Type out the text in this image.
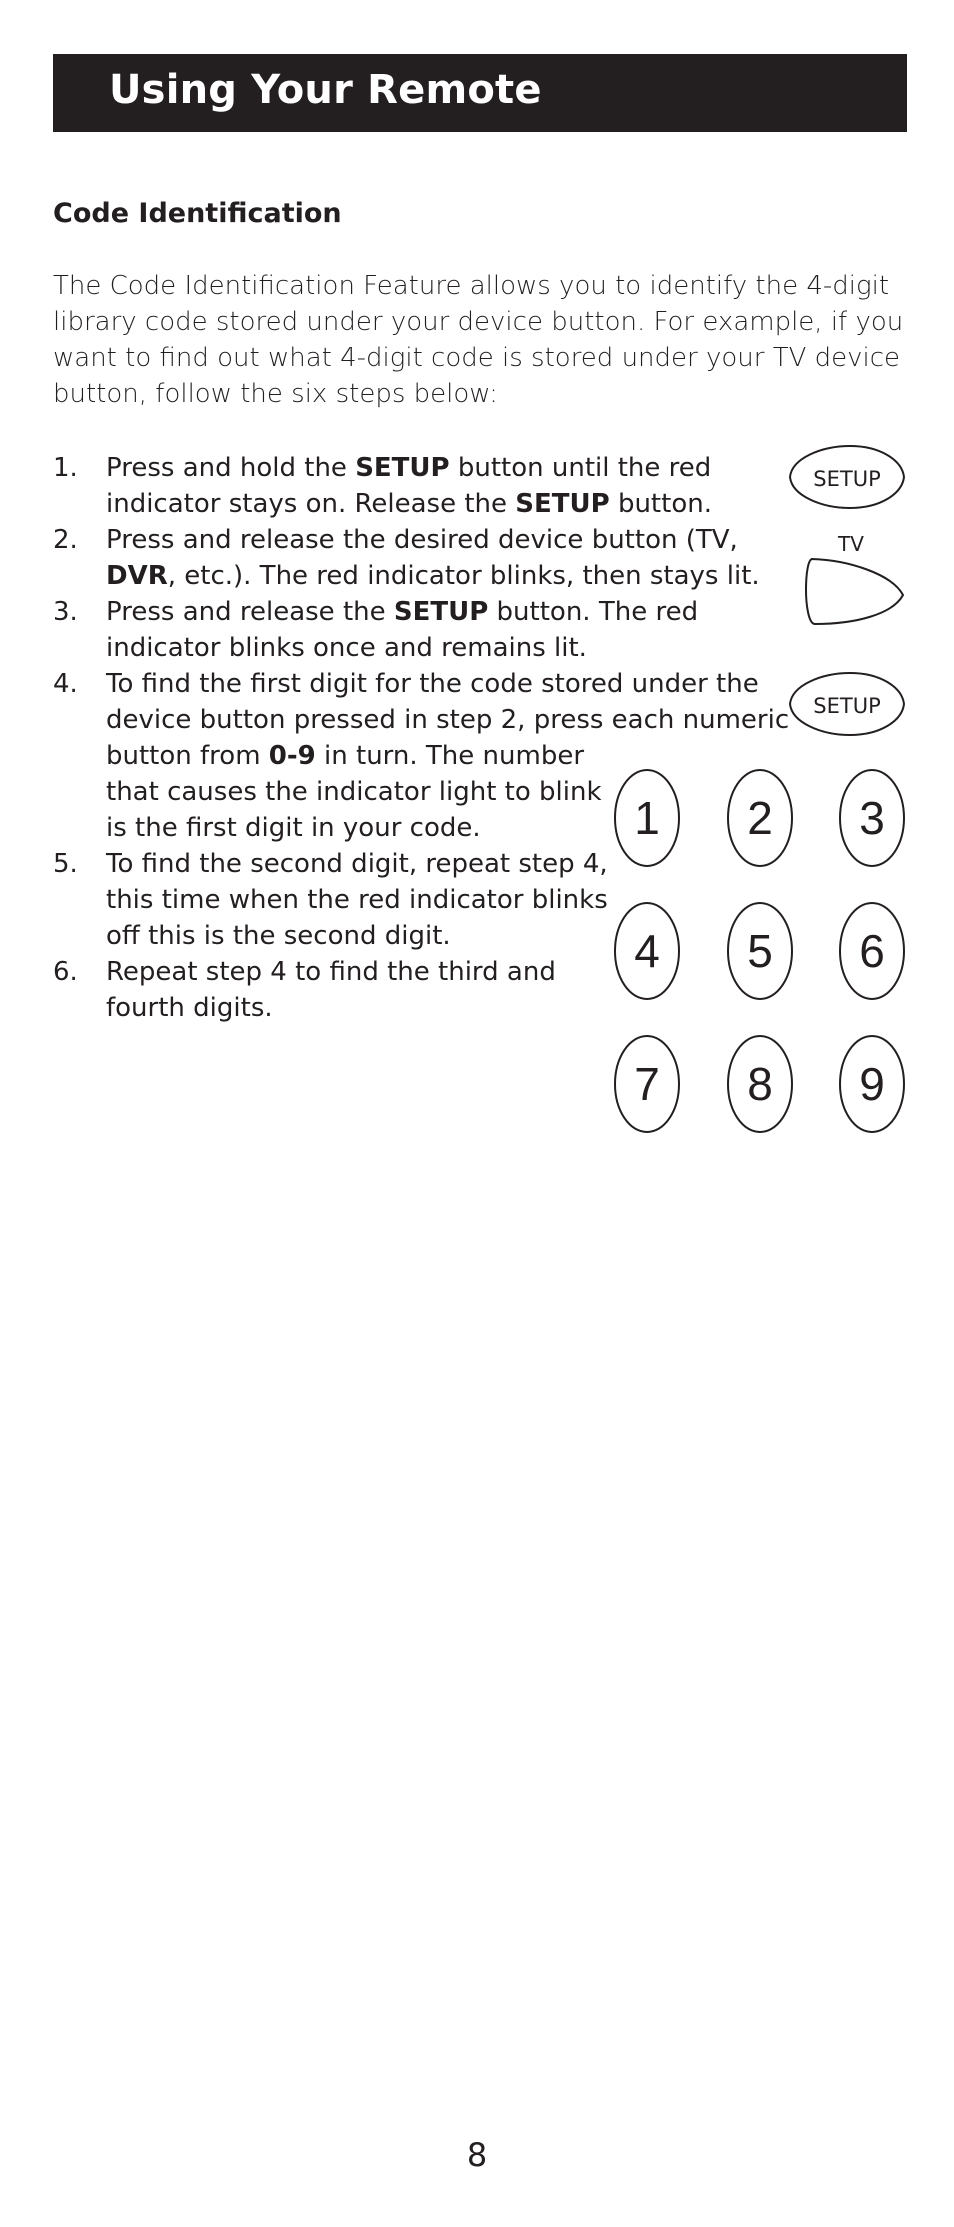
Using Your Remote
Code Identification
The Code Identification Feature allows you to identify the 4-digit
library code stored under your device button. For example, if you
want to find out what 4-digit code is stored under your TV device
button, follow the six steps below:
1.	Press and hold the SETUP button until the red
indicator stays on. Release the SETUP button.
2.	Press and release the desired device button (TV,
DVR, etc.). The red indicator blinks, then stays lit.
3.	Press and release the SETUP button. The red
indicator blinks once and remains lit.
4.	To find the first digit for the code stored under the
device button pressed in step 2, press each numeric
button from 0-9 in turn. The number
that causes the indicator light to blink
is the first digit in your code.
5.	To find the second digit, repeat step 4,
this time when the red indicator blinks
off this is the second digit.
6.	Repeat step 4 to find the third and
fourth digits.
SETUP
TV
SETUP
1 2 3
4 5 6
7 8 9
8
